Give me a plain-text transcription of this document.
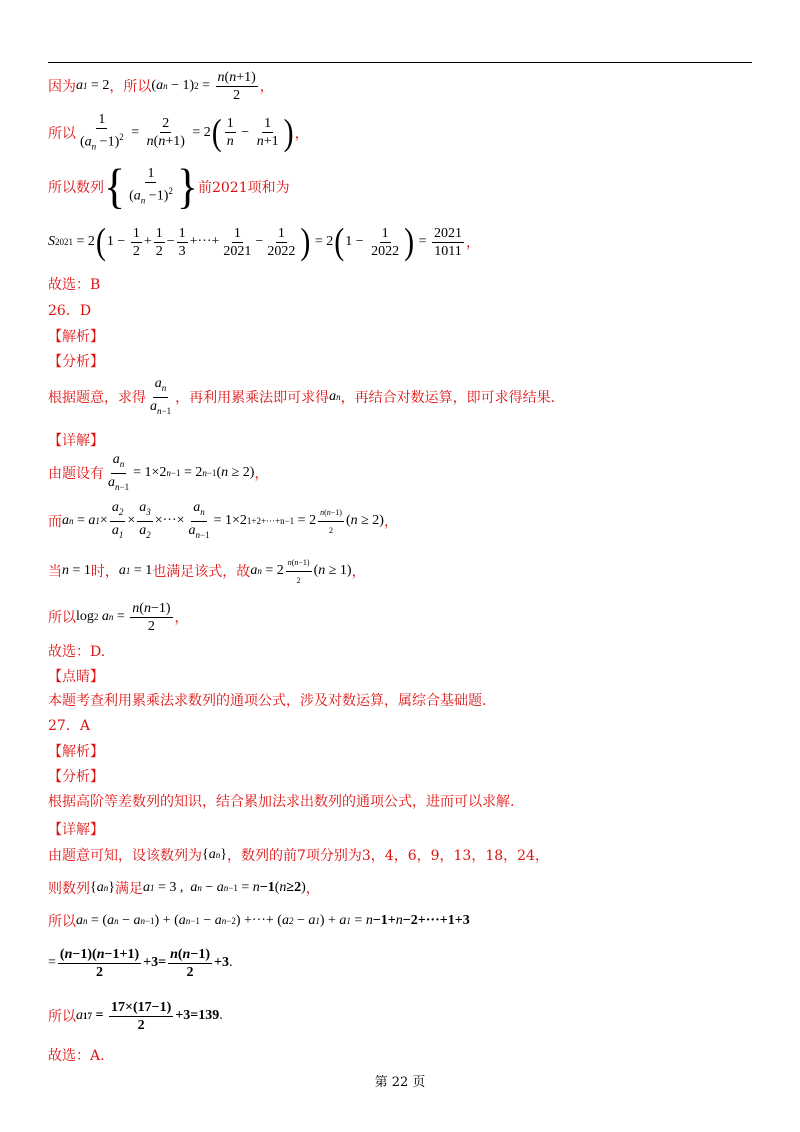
因为 a 1
= 2 ， 所以 ( a n − 1) $2 = \frac{n(n+1)}{2}$ ，
所以 $\frac{1}{(a_n -1)^2} = \frac{2}{n(n+1)} = 2$ ( $\frac{1}{n} - \frac{1}{n+1}$ ) ，
所以数列 { $\frac{1}{(a_n -1)^2}$ } 前2021项和为
S 2021 = 2 ( $1 - \frac{1}{2} + \frac{1}{2} - \frac{1}{3}$ +···+ $\frac{1}{2021} - \frac{1}{2022}$ ) = 2 ( $1 - \frac{1}{2022}$ ) = $\frac{2021}{1011}$ ，
故选：B
26．D
【解析】
【分析】
根据题意，求得 $\frac{a_n}{a_{n-1}}$ ，再利用累乘法即可求得 a n ，再结合对数运算，即可求得结果.
【详解】
由题设有 $\frac{a_n}{a_{n-1}} = 1\times 2$ n−1 = 2 n−1 ( n ≥ 2) ，
而 a n = a $1 \times \frac{a_2}{a_1} \times \frac{a_3}{a_2}$ ×···× $\frac{a_n}{a_{n-1}} = 1\times 2$ $1+2+\cdot\cdot\cdot+n-1 = 2 \frac{n(n-1)}{2}$ ( n ≥ 2) ，
当 n = 1 时， a 1 = 1 也满足该式，故 a $n = 2 \frac{n(n-1)}{2}$ ( n ≥ 1) ，
所以 log 2 a $n = \frac{n(n-1)}{2}$ ，
故选：D.
【点睛】
本题考查利用累乘法求数列的通项公式，涉及对数运算，属综合基础题.
27．A
【解析】
【分析】
根据高阶等差数列的知识，结合累加法求出数列的通项公式，进而可以求解.
【详解】
由题意可知，设该数列为 { a n } ，数列的前7项分别为3，4，6，9，13，18，24，
则数列 { a n } 满足 a 1 = 3 , a n − a n−1 = n −1 ( n ≥2 ) ，
所以 a n = ( a n − a n−1 ) + ( a n−1 − a n−2 ) +···+ ( a 2 − a 1 ) + a 1 = n −1+ n −2+···+1+3
= $\frac{(n-1)(n-1+1)}{2} +3= \frac{n(n-1)}{2} +3$ .
所以 a $17 = \frac{17\times(17-1)}{2} +3=139$ .
故选：A.
第 22 页
